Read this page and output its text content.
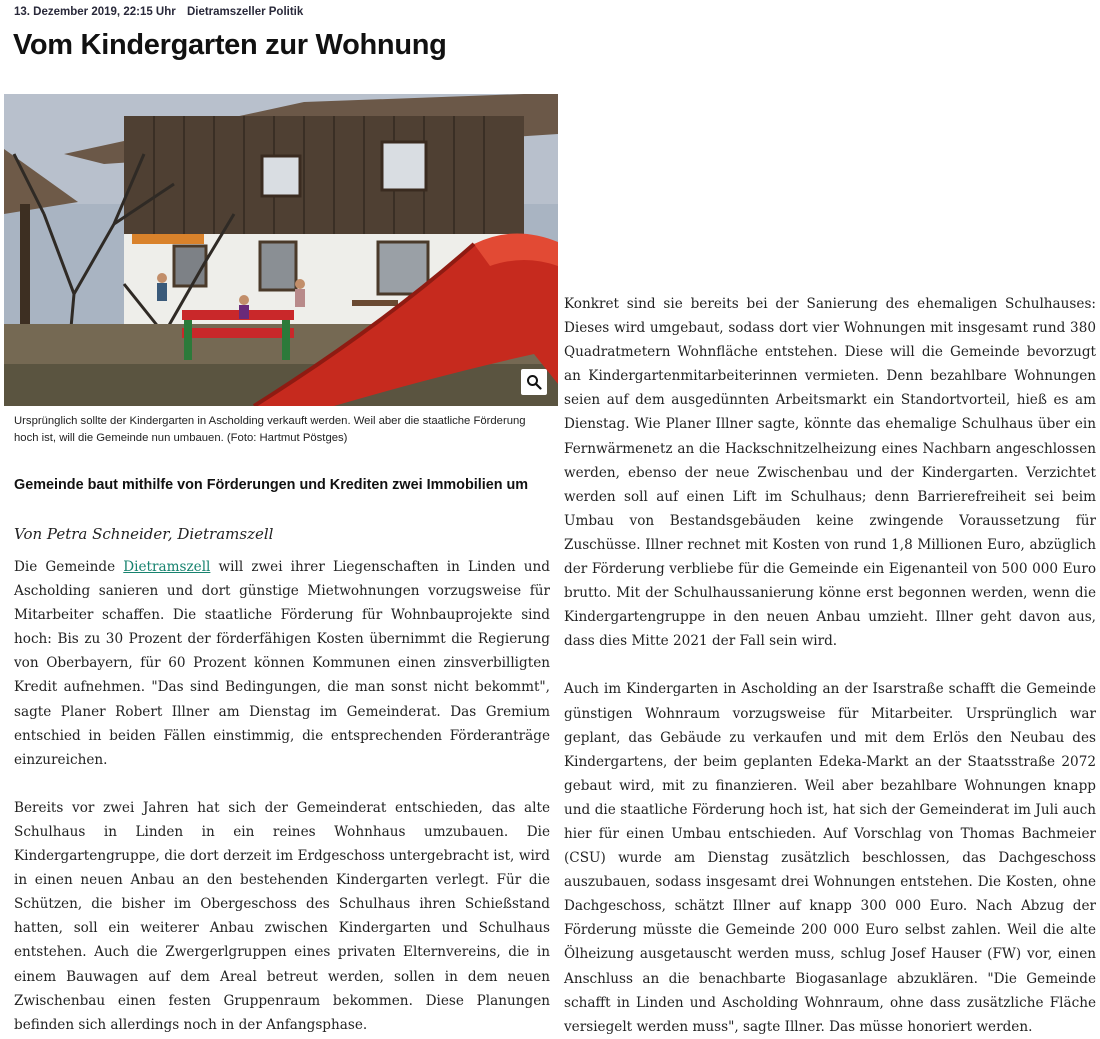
13. Dezember 2019, 22:15 Uhr Dietramszeller Politik
Vom Kindergarten zur Wohnung
Ursprünglich sollte der Kindergarten in Ascholding verkauft werden. Weil aber die staatliche Förderung hoch ist, will die Gemeinde nun umbauen. (Foto: Hartmut Pöstges)
Gemeinde baut mithilfe von Förderungen und Krediten zwei Immobilien um
Von Petra Schneider, Dietramszell

Die Gemeinde Dietramszell will zwei ihrer Liegenschaften in Linden und Ascholding sanieren und dort günstige Mietwohnungen vorzugsweise für Mitarbeiter schaffen. Die staatliche Förderung für Wohnbauprojekte sind hoch: Bis zu 30 Prozent der förderfähigen Kosten übernimmt die Regierung von Oberbayern, für 60 Prozent können Kommunen einen zinsverbilligten Kredit aufnehmen. "Das sind Bedingungen, die man sonst nicht bekommt", sagte Planer Robert Illner am Dienstag im Gemeinderat. Das Gremium entschied in beiden Fällen einstimmig, die entsprechenden Förderanträge einzureichen.

Bereits vor zwei Jahren hat sich der Gemeinderat entschieden, das alte Schulhaus in Linden in ein reines Wohnhaus umzubauen. Die Kindergartengruppe, die dort derzeit im Erdgeschoss untergebracht ist, wird in einen neuen Anbau an den bestehenden Kindergarten verlegt. Für die Schützen, die bisher im Obergeschoss des Schulhaus ihren Schießstand hatten, soll ein weiterer Anbau zwischen Kindergarten und Schulhaus entstehen. Auch die Zwergerlgruppen eines privaten Elternvereins, die in einem Bauwagen auf dem Areal betreut werden, sollen in dem neuen Zwischenbau einen festen Gruppenraum bekommen. Diese Planungen befinden sich allerdings noch in der Anfangsphase.

Konkret sind sie bereits bei der Sanierung des ehemaligen Schulhauses: Dieses wird umgebaut, sodass dort vier Wohnungen mit insgesamt rund 380 Quadratmetern Wohnfläche entstehen. Diese will die Gemeinde bevorzugt an Kindergartenmitarbeiterinnen vermieten. Denn bezahlbare Wohnungen seien auf dem ausgedünnten Arbeitsmarkt ein Standortvorteil, hieß es am Dienstag. Wie Planer Illner sagte, könnte das ehemalige Schulhaus über ein Fernwärmenetz an die Hackschnitzelheizung eines Nachbarn angeschlossen werden, ebenso der neue Zwischenbau und der Kindergarten. Verzichtet werden soll auf einen Lift im Schulhaus; denn Barrierefreiheit sei beim Umbau von Bestandsgebäuden keine zwingende Voraussetzung für Zuschüsse. Illner rechnet mit Kosten von rund 1,8 Millionen Euro, abzüglich der Förderung verbliebe für die Gemeinde ein Eigenanteil von 500 000 Euro brutto. Mit der Schulhaussanierung könne erst begonnen werden, wenn die Kindergartengruppe in den neuen Anbau umzieht. Illner geht davon aus, dass dies Mitte 2021 der Fall sein wird.

Auch im Kindergarten in Ascholding an der Isarstraße schafft die Gemeinde günstigen Wohnraum vorzugsweise für Mitarbeiter. Ursprünglich war geplant, das Gebäude zu verkaufen und mit dem Erlös den Neubau des Kindergartens, der beim geplanten Edeka-Markt an der Staatsstraße 2072 gebaut wird, mit zu finanzieren. Weil aber bezahlbare Wohnungen knapp und die staatliche Förderung hoch ist, hat sich der Gemeinderat im Juli auch hier für einen Umbau entschieden. Auf Vorschlag von Thomas Bachmeier (CSU) wurde am Dienstag zusätzlich beschlossen, das Dachgeschoss auszubauen, sodass insgesamt drei Wohnungen entstehen. Die Kosten, ohne Dachgeschoss, schätzt Illner auf knapp 300 000 Euro. Nach Abzug der Förderung müsste die Gemeinde 200 000 Euro selbst zahlen. Weil die alte Ölheizung ausgetauscht werden muss, schlug Josef Hauser (FW) vor, einen Anschluss an die benachbarte Biogasanlage abzuklären. "Die Gemeinde schafft in Linden und Ascholding Wohnraum, ohne dass zusätzliche Fläche versiegelt werden muss", sagte Illner. Das müsse honoriert werden.
